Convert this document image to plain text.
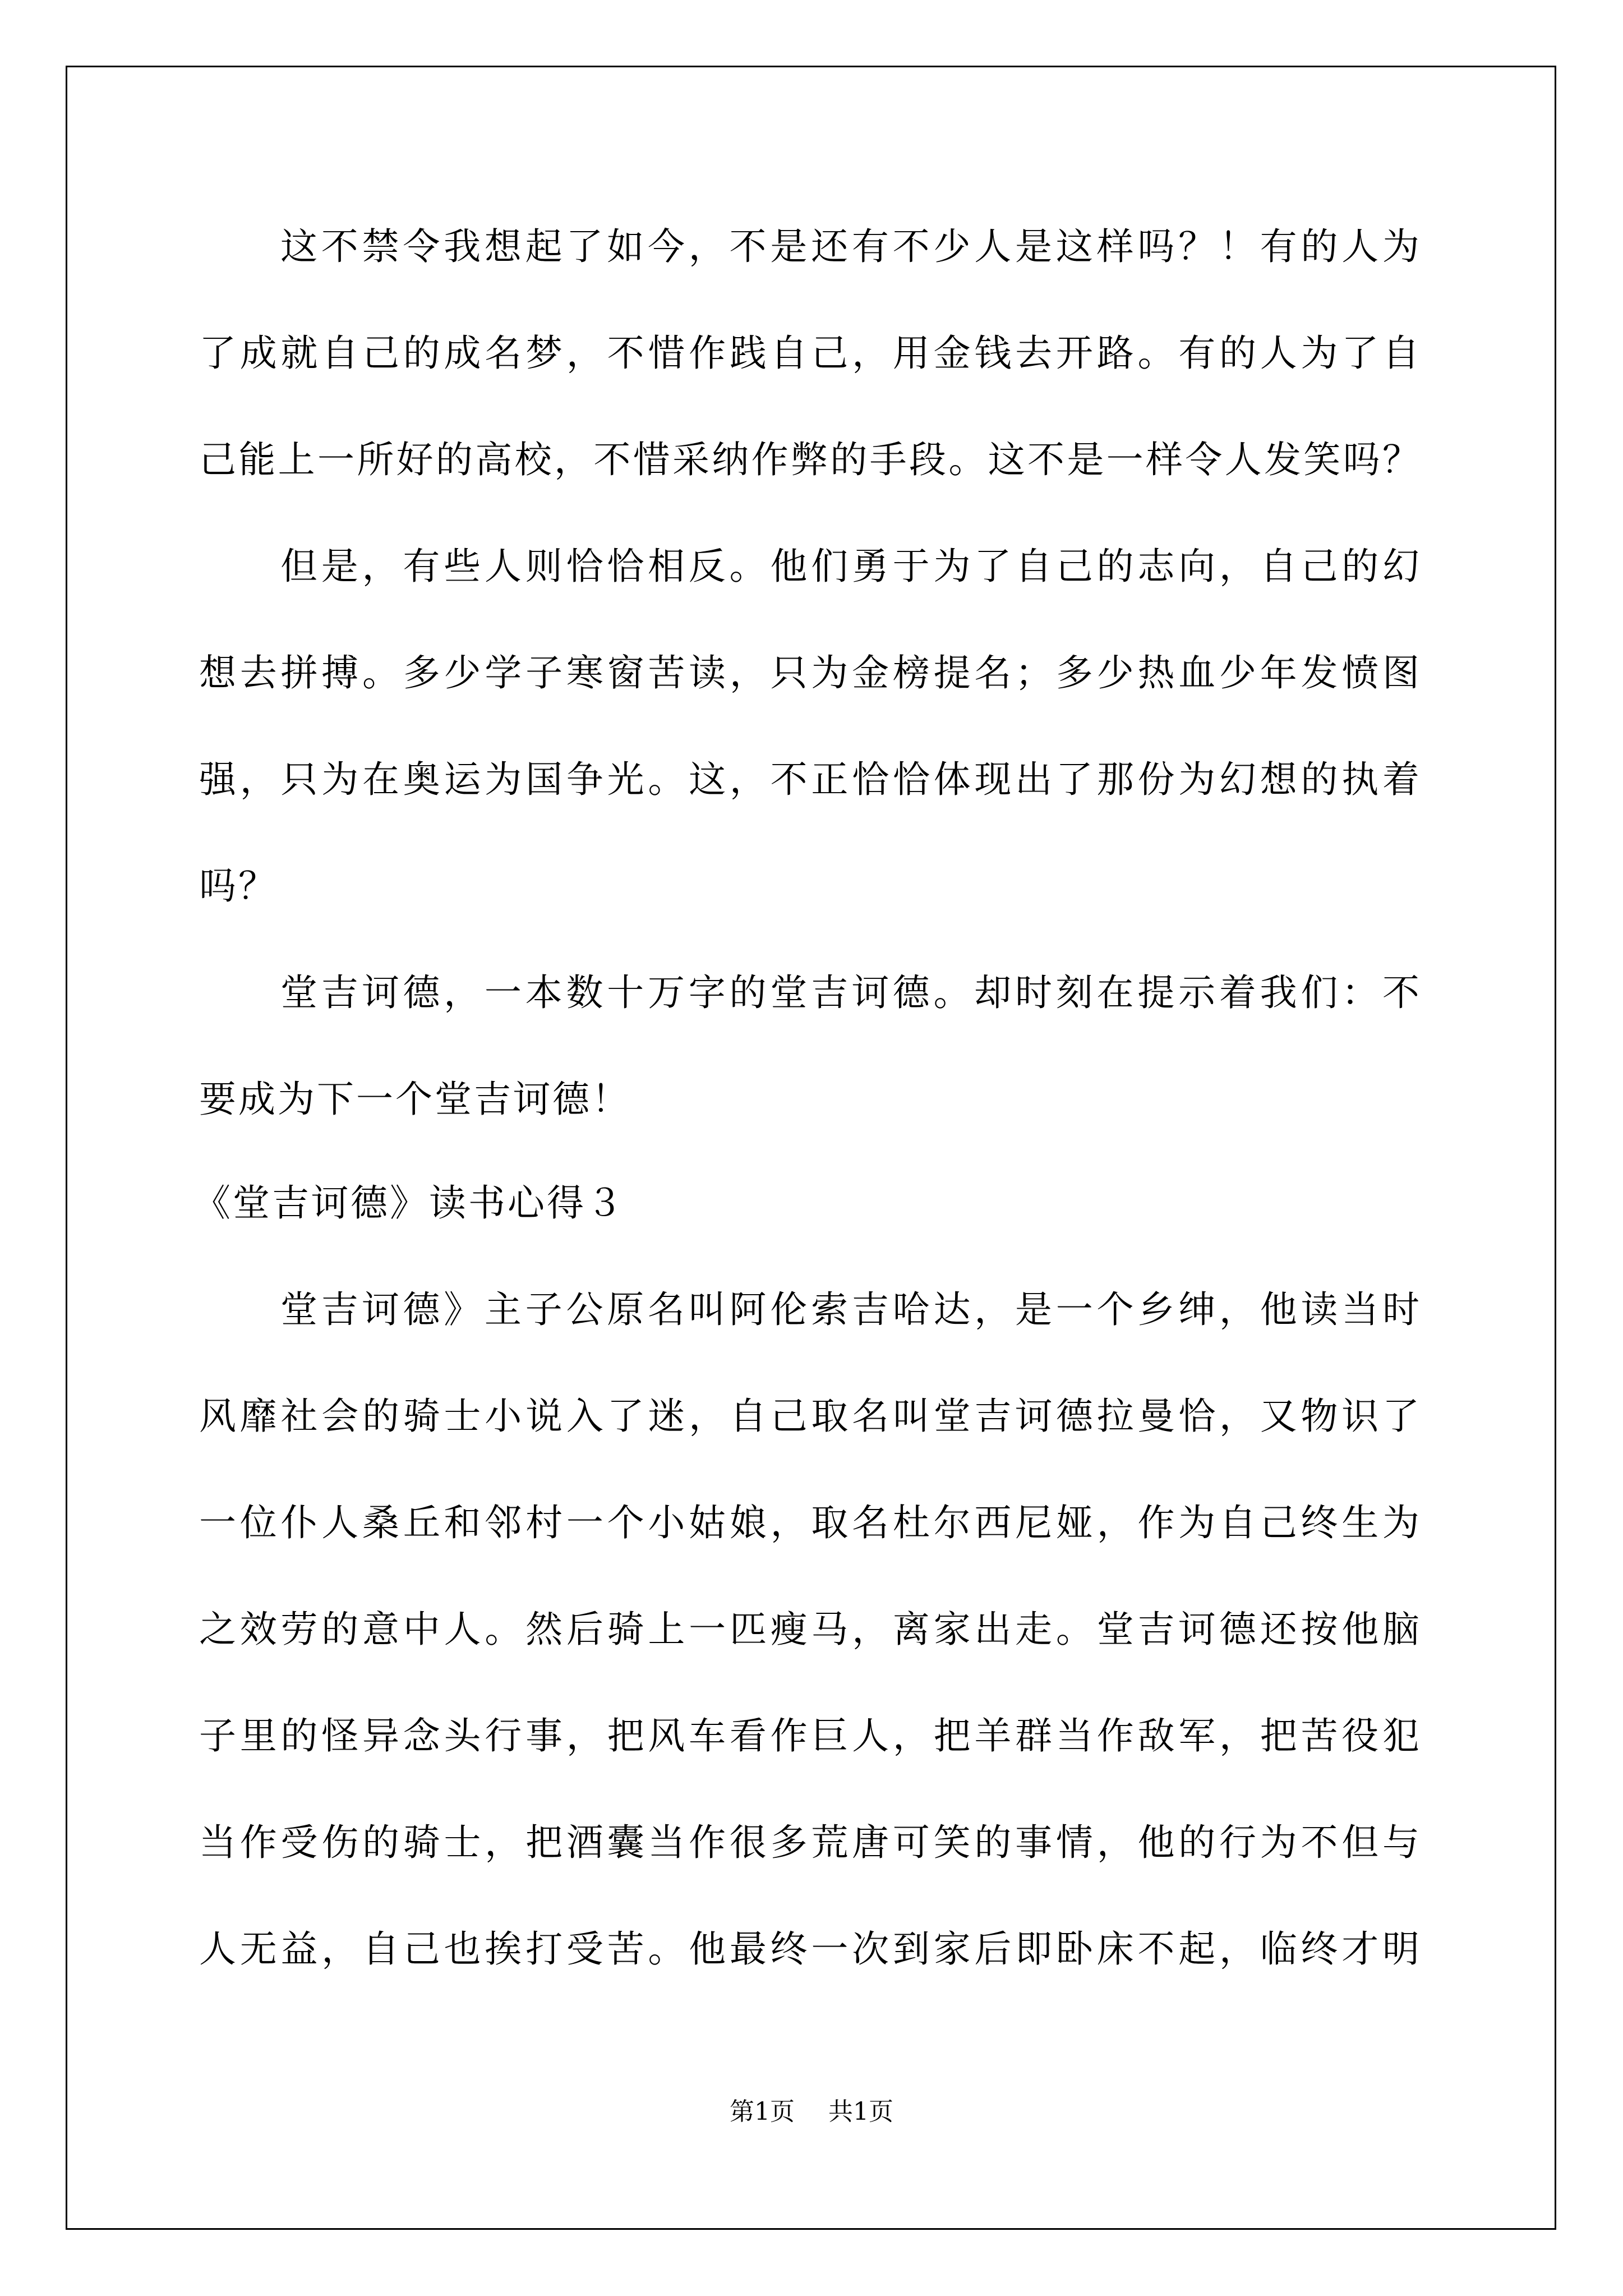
这不禁令我想起了如今，不是还有不少人是这样吗？！有的人为
了成就自己的成名梦，不惜作践自己，用金钱去开路。有的人为了自
己能上一所好的高校，不惜采纳作弊的手段。这不是一样令人发笑吗？
但是，有些人则恰恰相反。他们勇于为了自己的志向，自己的幻
想去拼搏。多少学子寒窗苦读，只为金榜提名；多少热血少年发愤图
强，只为在奥运为国争光。这，不正恰恰体现出了那份为幻想的执着
吗？
堂吉诃德，一本数十万字的堂吉诃德。却时刻在提示着我们：不
要成为下一个堂吉诃德！
《堂吉诃德》读书心得３
堂吉诃德》主子公原名叫阿伦索吉哈达，是一个乡绅，他读当时
风靡社会的骑士小说入了迷，自己取名叫堂吉诃德拉曼恰，又物识了
一位仆人桑丘和邻村一个小姑娘，取名杜尔西尼娅，作为自己终生为
之效劳的意中人。然后骑上一匹瘦马，离家出走。堂吉诃德还按他脑
子里的怪异念头行事，把风车看作巨人，把羊群当作敌军，把苦役犯
当作受伤的骑士，把酒囊当作很多荒唐可笑的事情，他的行为不但与
人无益，自己也挨打受苦。他最终一次到家后即卧床不起，临终才明
第1页 共1页
